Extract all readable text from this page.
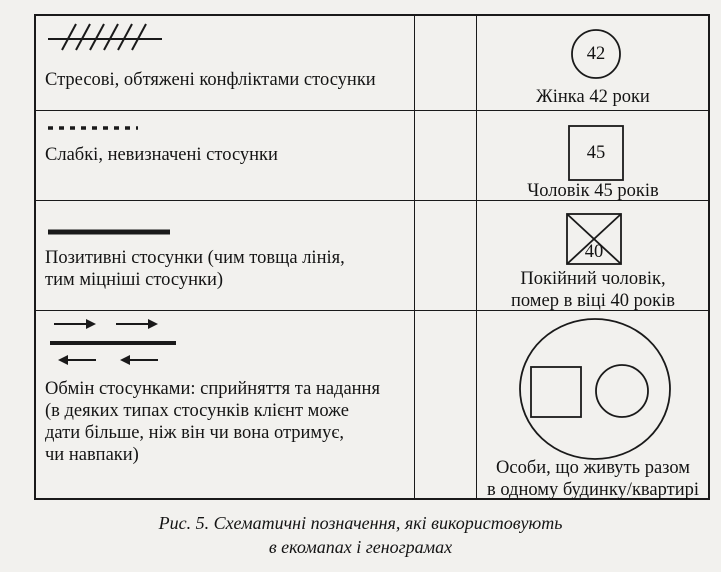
Стресові, обтяжені конфліктами стосунки
42
Жінка 42 роки
Слабкі, невизначені стосунки	45
Чоловік 45 років
Позитивні стосунки (чим товща лінія,
тим міцніші стосунки)
40
Покійний чоловік,
помер в віці 40 років
Обмін стосунками: сприйняття та надання
(в деяких типах стосунків клієнт може
дати більше, ніж він чи вона отримує,
чи навпаки)
Особи, що живуть разом
в одному будинку/квартирі
Рис. 5. Схематичні позначення, які використовують
в екомапах і генограмах
